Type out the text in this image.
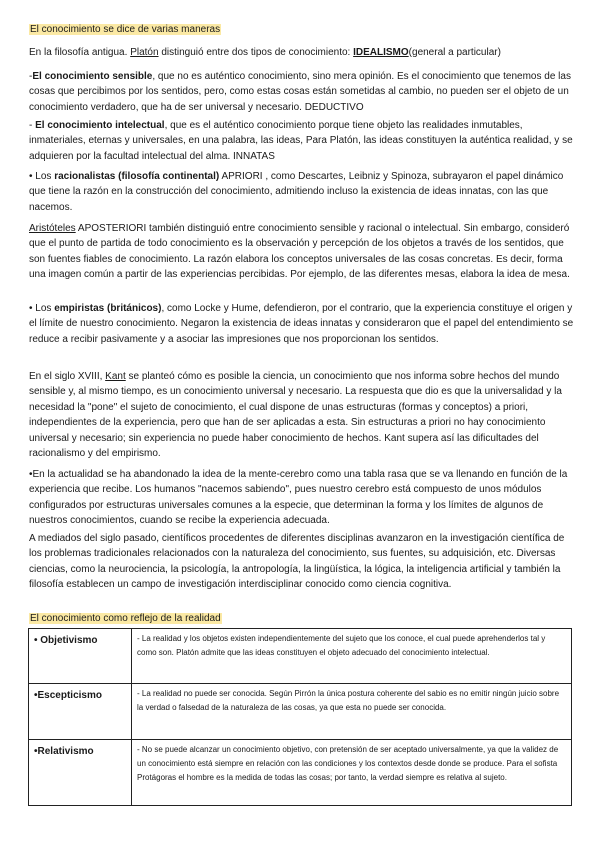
El conocimiento se dice de varias maneras

En la filosofía antigua. Platón distinguió entre dos tipos de conocimiento: IDEALISMO(general a particular)

-El conocimiento sensible, que no es auténtico conocimiento, sino mera opinión. Es el conocimiento que tenemos de las cosas que percibimos por los sentidos, pero, como estas cosas están sometidas al cambio, no pueden ser el objeto de un conocimiento verdadero, que ha de ser universal y necesario. DEDUCTIVO

- El conocimiento intelectual, que es el auténtico conocimiento porque tiene objeto las realidades inmutables, inmateriales, eternas y universales, en una palabra, las ideas, Para Platón, las ideas constituyen la auténtica realidad, y se adquieren por la facultad intelectual del alma. INNATAS

• Los racionalistas (filosofía continental) APRIORI , como Descartes, Leibniz y Spinoza, subrayaron el papel dinámico que tiene la razón en la construcción del conocimiento, admitiendo incluso la existencia de ideas innatas, con las que nacemos.

Aristóteles APOSTERIORI también distinguió entre conocimiento sensible y racional o intelectual. Sin embargo, consideró que el punto de partida de todo conocimiento es la observación y percepción de los objetos a través de los sentidos, que son fuentes fiables de conocimiento. La razón elabora los conceptos universales de las cosas concretas. Es decir, forma una imagen común a partir de las experiencias percibidas. Por ejemplo, de las diferentes mesas, elabora la idea de mesa.

• Los empiristas (británicos), como Locke y Hume, defendieron, por el contrario, que la experiencia constituye el origen y el límite de nuestro conocimiento. Negaron la existencia de ideas innatas y consideraron que el papel del entendimiento se reduce a recibir pasivamente y a asociar las impresiones que nos proporcionan los sentidos.

En el siglo XVIII, Kant se planteó cómo es posible la ciencia, un conocimiento que nos informa sobre hechos del mundo sensible y, al mismo tiempo, es un conocimiento universal y necesario. La respuesta que dio es que la universalidad y la necesidad la "pone" el sujeto de conocimiento, el cual dispone de unas estructuras (formas y conceptos) a priori, independientes de la experiencia, pero que han de ser aplicadas a esta. Sin estructuras a priori no hay conocimiento universal y necesario; sin experiencia no puede haber conocimiento de hechos. Kant supera así las dificultades del racionalismo y del empirismo.

•En la actualidad se ha abandonado la idea de la mente-cerebro como una tabla rasa que se va llenando en función de la experiencia que recibe. Los humanos "nacemos sabiendo", pues nuestro cerebro está compuesto de unos módulos configurados por estructuras universales comunes a la especie, que determinan la forma y los límites de algunos de nuestros conocimientos, cuando se recibe la experiencia adecuada.

A mediados del siglo pasado, científicos procedentes de diferentes disciplinas avanzaron en la investigación científica de los problemas tradicionales relacionados con la naturaleza del conocimiento, sus fuentes, su adquisición, etc. Diversas ciencias, como la neurociencia, la psicología, la antropología, la lingüística, la lógica, la inteligencia artificial y también la filosofía establecen un campo de investigación interdisciplinar conocido como ciencia cognitiva.

El conocimiento como reflejo de la realidad

• Objetivismo	- La realidad y los objetos existen independientemente del sujeto que los conoce, el cual puede aprehenderlos tal y como son. Platón admite que las ideas constituyen el objeto adecuado del conocimiento intelectual.
•Escepticismo	- La realidad no puede ser conocida. Según Pirrón la única postura coherente del sabio es no emitir ningún juicio sobre la verdad o falsedad de la naturaleza de las cosas, ya que esta no puede ser conocida.
•Relativismo	- No se puede alcanzar un conocimiento objetivo, con pretensión de ser aceptado universalmente, ya que la validez de un conocimiento está siempre en relación con las condiciones y los contextos desde donde se produce. Para el sofista Protágoras el hombre es la medida de todas las cosas; por tanto, la verdad siempre es relativa al sujeto.
